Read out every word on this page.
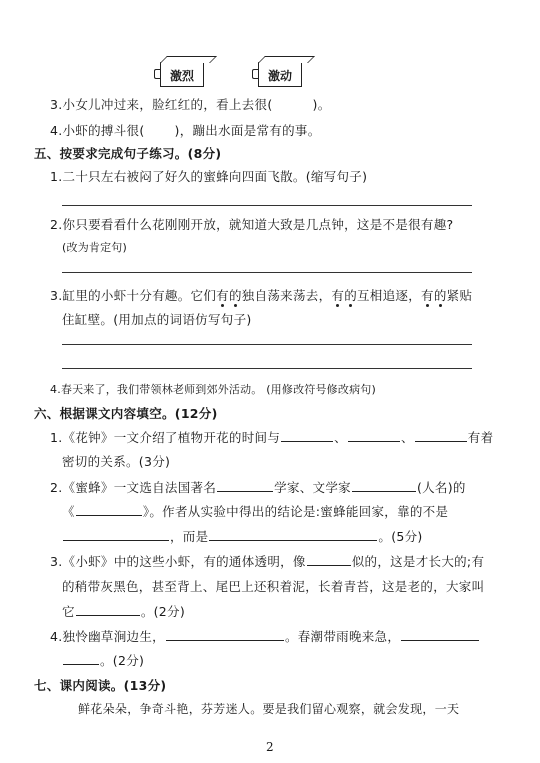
激烈	激动
3.小女儿冲过来，脸红红的，看上去很(	)。
4.小虾的搏斗很( )，蹦出水面是常有的事。
五、按要求完成句子练习。(8分)
1.二十只左右被闷了好久的蜜蜂向四面飞散。(缩写句子)
2.你只要看看什么花刚刚开放，就知道大致是几点钟，这是不是很有趣?
(改为肯定句)
3.缸里的小虾十分有趣。它们有的独自荡来荡去，有的互相追逐，有的紧贴
住缸壁。(用加点的词语仿写句子)
4.春天来了，我们带领林老师到郊外活动。 (用修改符号修改病句)
六、根据课文内容填空。(12分)
1.《花钟》一文介绍了植物开花的时间与	、	、	有着
密切的关系。(3分)
2.《蜜蜂》一文选自法国著名	学家、文学家	(人名)的
《	》。作者从实验中得出的结论是:蜜蜂能回家，靠的不是
，而是	。(5分)
3.《小虾》中的这些小虾，有的通体透明，像	似的，这是才长大的;有
的稍带灰黑色，甚至背上、尾巴上还积着泥，长着青苔，这是老的，大家叫
它	。(2分)
4.独怜幽草涧边生，	。春潮带雨晚来急，
。(2分)
七、课内阅读。(13分)
鲜花朵朵，争奇斗艳，芬芳迷人。要是我们留心观察，就会发现，一天
2
